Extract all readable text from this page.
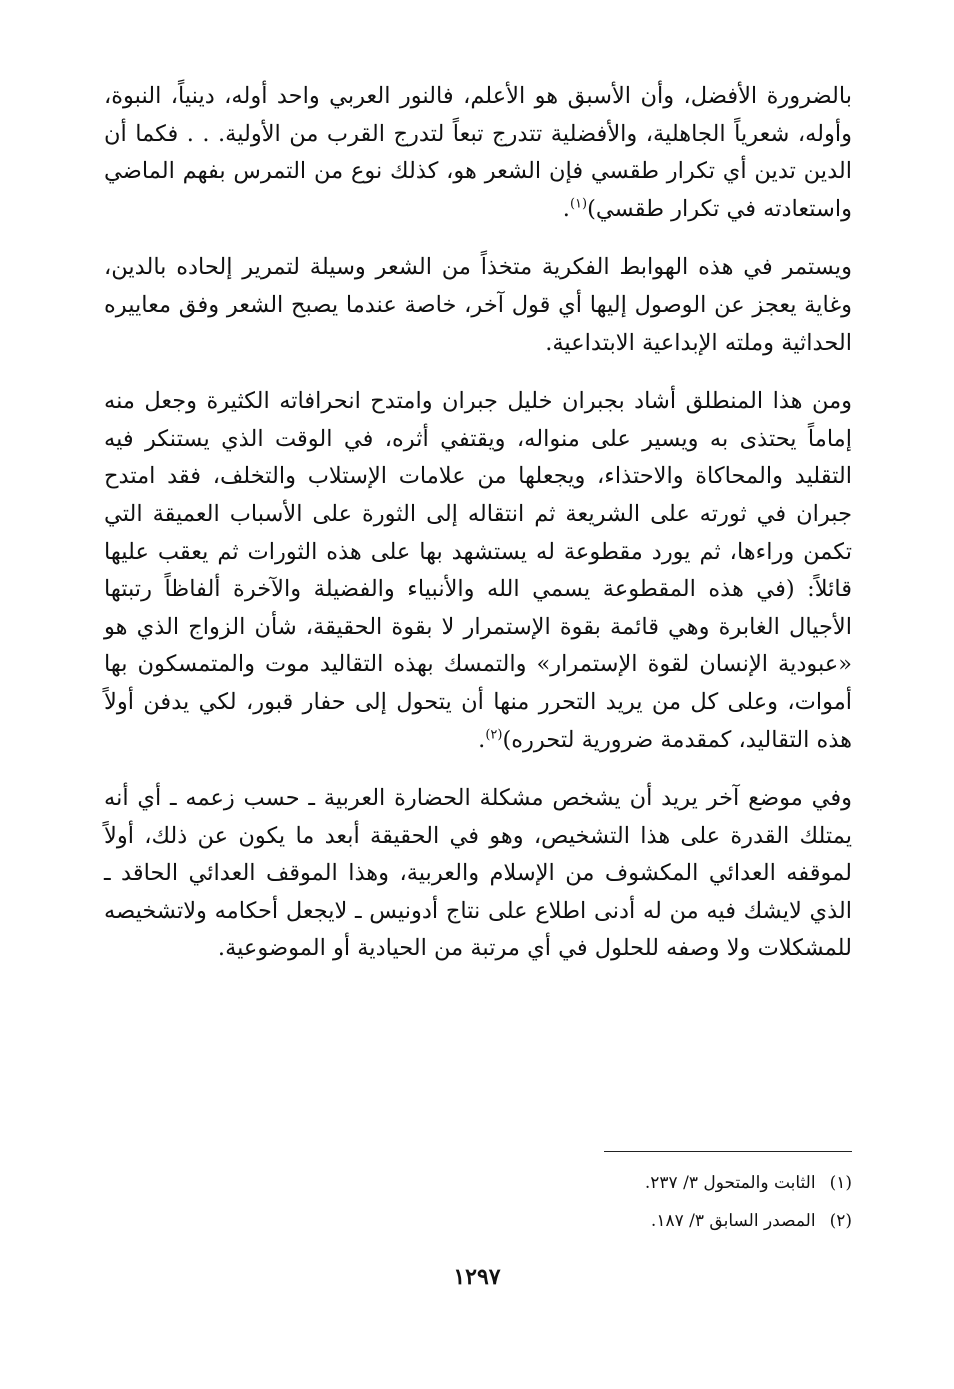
بالضرورة الأفضل، وأن الأسبق هو الأعلم، فالنور العربي واحد أوله، دينياً، النبوة، وأوله، شعرياً الجاهلية، والأفضلية تتدرج تبعاً لتدرج القرب من الأولية. . . فكما أن الدين تدين أي تكرار طقسي فإن الشعر هو، كذلك نوع من التمرس بفهم الماضي واستعادته في تكرار طقسي)$^{(١)}$.

ويستمر في هذه الهوابط الفكرية متخذاً من الشعر وسيلة لتمرير إلحاده بالدين، وغاية يعجز عن الوصول إليها أي قول آخر، خاصة عندما يصبح الشعر وفق معاييره الحداثية وملته الإبداعية الابتداعية.

ومن هذا المنطلق أشاد بجبران خليل جبران وامتدح انحرافاته الكثيرة وجعل منه إماماً يحتذى به ويسير على منواله، ويقتفي أثره، في الوقت الذي يستنكر فيه التقليد والمحاكاة والاحتذاء، ويجعلها من علامات الإستلاب والتخلف، فقد امتدح جبران في ثورته على الشريعة ثم انتقاله إلى الثورة على الأسباب العميقة التي تكمن وراءها، ثم يورد مقطوعة له يستشهد بها على هذه الثورات ثم يعقب عليها قائلاً: (في هذه المقطوعة يسمي الله والأنبياء والفضيلة والآخرة ألفاظاً رتبتها الأجيال الغابرة وهي قائمة بقوة الإستمرار لا بقوة الحقيقة، شأن الزواج الذي هو «عبودية الإنسان لقوة الإستمرار» والتمسك بهذه التقاليد موت والمتمسكون بها أموات، وعلى كل من يريد التحرر منها أن يتحول إلى حفار قبور، لكي يدفن أولاً هذه التقاليد، كمقدمة ضرورية لتحرره)$^{(٢)}$.

وفي موضع آخر يريد أن يشخص مشكلة الحضارة العربية ـ حسب زعمه ـ أي أنه يمتلك القدرة على هذا التشخيص، وهو في الحقيقة أبعد ما يكون عن ذلك، أولاً لموقفه العدائي المكشوف من الإسلام والعربية، وهذا الموقف العدائي الحاقد ـ الذي لايشك فيه من له أدنى اطلاع على نتاج أدونيس ـ لايجعل أحكامه ولاتشخيصه للمشكلات ولا وصفه للحلول في أي مرتبة من الحيادية أو الموضوعية.

(١)الثابت والمتحول ٣/ ٢٣٧.
(٢)المصدر السابق ٣/ ١٨٧.
١٢٩٧
